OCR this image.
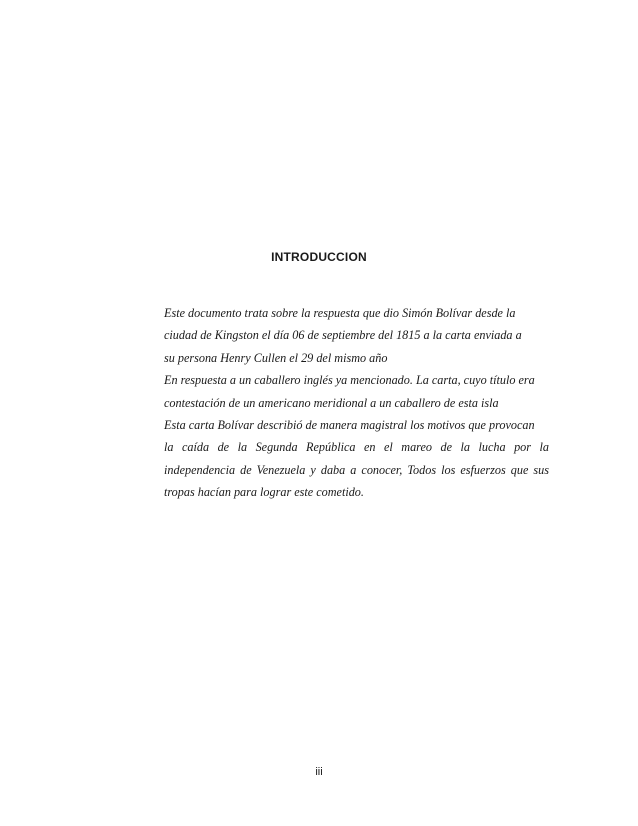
INTRODUCCION
Este documento trata sobre la respuesta que dio Simón Bolívar desde la
ciudad de Kingston el día 06 de septiembre del 1815 a la carta enviada a
su persona Henry Cullen el 29 del mismo año
En respuesta a un caballero inglés ya mencionado. La carta, cuyo título era
contestación de un americano meridional a un caballero de esta isla
Esta carta Bolívar describió de manera magistral los motivos que provocan
la caída de la Segunda República en el mareo de la lucha por la
independencia de Venezuela y daba a conocer, Todos los esfuerzos que sus
tropas hacían para lograr este cometido.
iii
